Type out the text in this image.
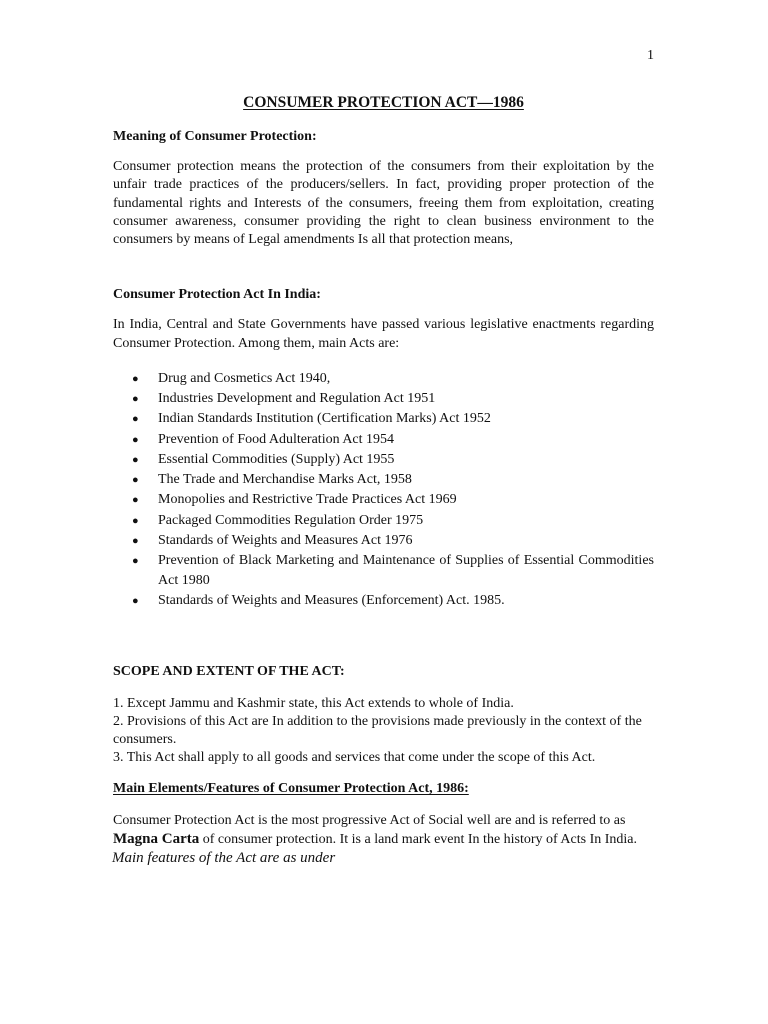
1
CONSUMER PROTECTION ACT—1986
Meaning of Consumer Protection:

Consumer protection means the protection of the consumers from their exploitation by the unfair trade practices of the producers/sellers. In fact, providing proper protection of the fundamental rights and Interests of the consumers, freeing them from exploitation, creating consumer awareness, consumer providing the right to clean business environment to the consumers by means of Legal amendments Is all that protection means,

Consumer Protection Act In India:

In India, Central and State Governments have passed various legislative enactments regarding Consumer Protection. Among them, main Acts are:

● Drug and Cosmetics Act 1940,
● Industries Development and Regulation Act 1951
● Indian Standards Institution (Certification Marks) Act 1952
● Prevention of Food Adulteration Act 1954
● Essential Commodities (Supply) Act 1955
● The Trade and Merchandise Marks Act, 1958
● Monopolies and Restrictive Trade Practices Act 1969
● Packaged Commodities Regulation Order 1975
● Standards of Weights and Measures Act 1976
● Prevention of Black Marketing and Maintenance of Supplies of Essential Commodities Act 1980
● Standards of Weights and Measures (Enforcement) Act. 1985.
SCOPE AND EXTENT OF THE ACT:

1. Except Jammu and Kashmir state, this Act extends to whole of India.

2. Provisions of this Act are In addition to the provisions made previously in the context of the consumers.

3. This Act shall apply to all goods and services that come under the scope of this Act.

Main Elements/Features of Consumer Protection Act, 1986:

Consumer Protection Act is the most progressive Act of Social well are and is referred to as Magna Carta of consumer protection. It is a land mark event In the history of Acts In India.

Main features of the Act are as under
